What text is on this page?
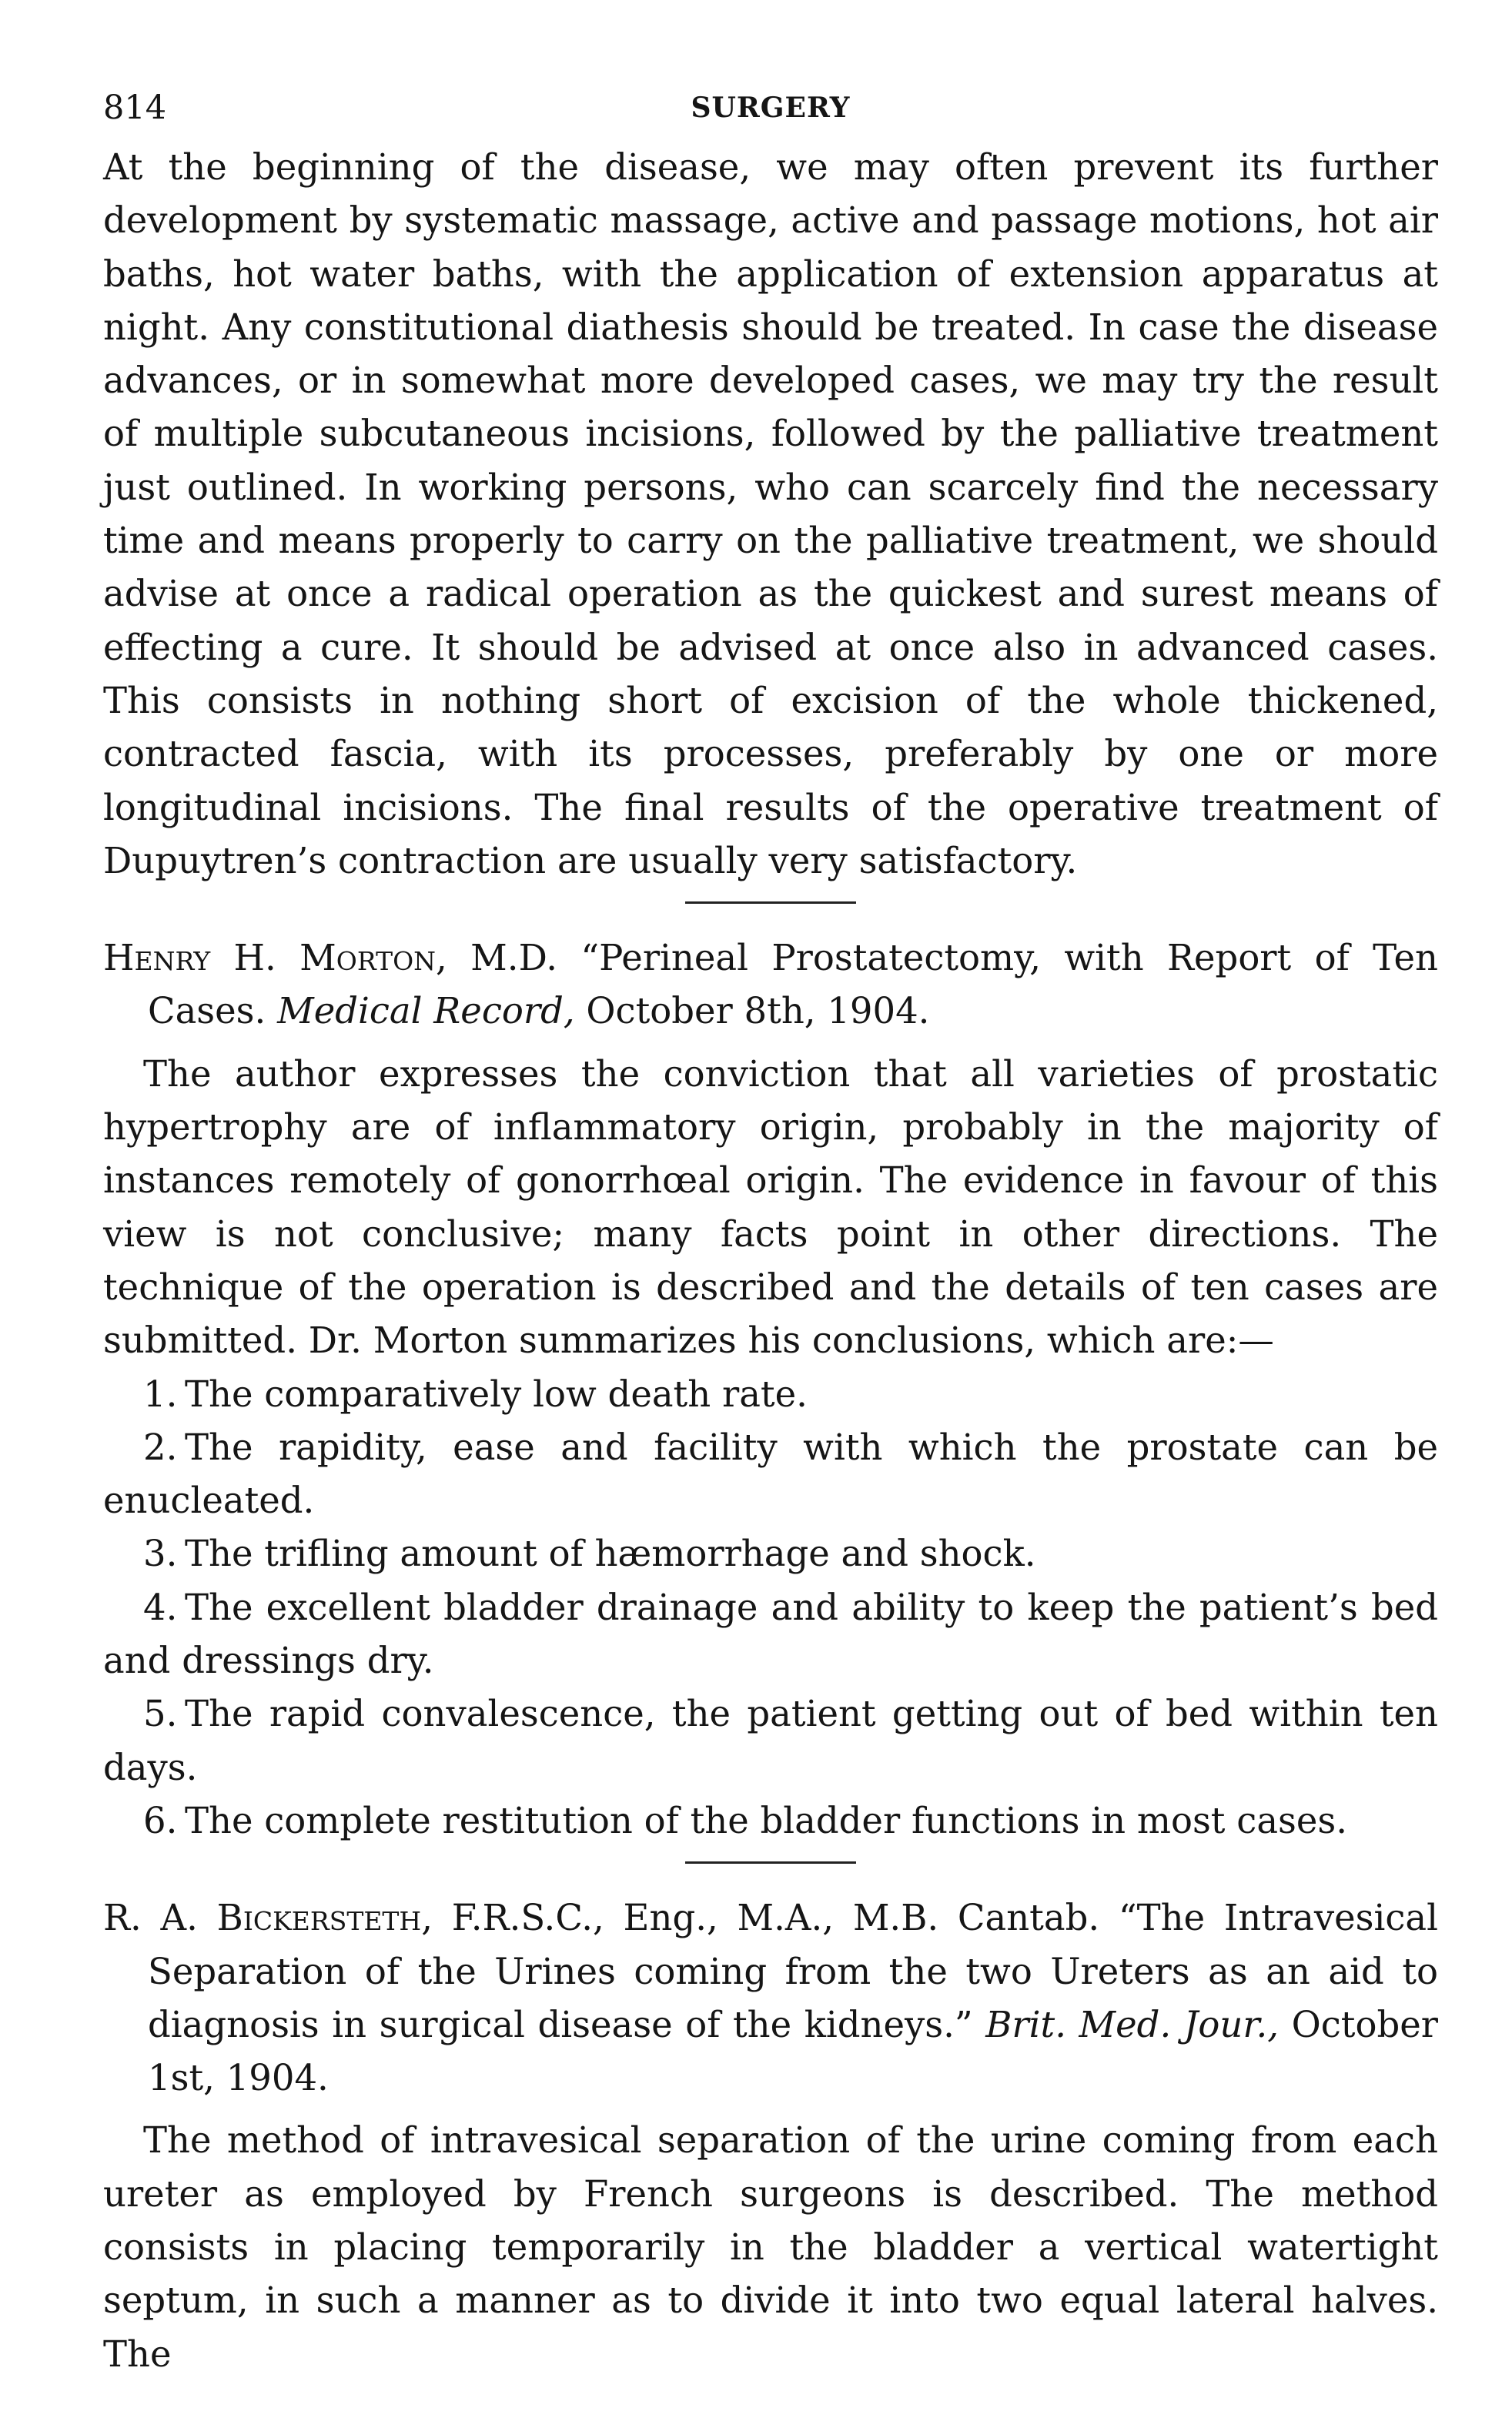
814	SURGERY

At the beginning of the disease, we may often prevent its further development by systematic massage, active and passage motions, hot air baths, hot water baths, with the application of extension apparatus at night. Any constitutional diathesis should be treated. In case the disease advances, or in somewhat more developed cases, we may try the result of multiple subcutaneous incisions, followed by the palliative treatment just outlined. In working persons, who can scarcely find the necessary time and means properly to carry on the palliative treatment, we should advise at once a radical operation as the quickest and surest means of effecting a cure. It should be advised at once also in advanced cases. This consists in nothing short of excision of the whole thickened, contracted fascia, with its processes, preferably by one or more longitudinal incisions. The final results of the operative treatment of Dupuytren’s contraction are usually very satisfactory.

Henry H. Morton, M.D. “Perineal Prostatectomy, with Report of Ten Cases. Medical Record, October 8th, 1904.

The author expresses the conviction that all varieties of prostatic hypertrophy are of inflammatory origin, probably in the majority of instances remotely of gonorrhœal origin. The evidence in favour of this view is not conclusive; many facts point in other directions. The technique of the operation is described and the details of ten cases are submitted. Dr. Morton summarizes his conclusions, which are:—

1. The comparatively low death rate.
2. The rapidity, ease and facility with which the prostate can be enucleated.
3. The trifling amount of hæmorrhage and shock.
4. The excellent bladder drainage and ability to keep the patient’s bed and dressings dry.
5. The rapid convalescence, the patient getting out of bed within ten days.
6. The complete restitution of the bladder functions in most cases.

R. A. Bickersteth, F.R.S.C., Eng., M.A., M.B. Cantab. “The Intravesical Separation of the Urines coming from the two Ureters as an aid to diagnosis in surgical disease of the kidneys.” Brit. Med. Jour., October 1st, 1904.

The method of intravesical separation of the urine coming from each ureter as employed by French surgeons is described. The method consists in placing temporarily in the bladder a vertical watertight septum, in such a manner as to divide it into two equal lateral halves. The
